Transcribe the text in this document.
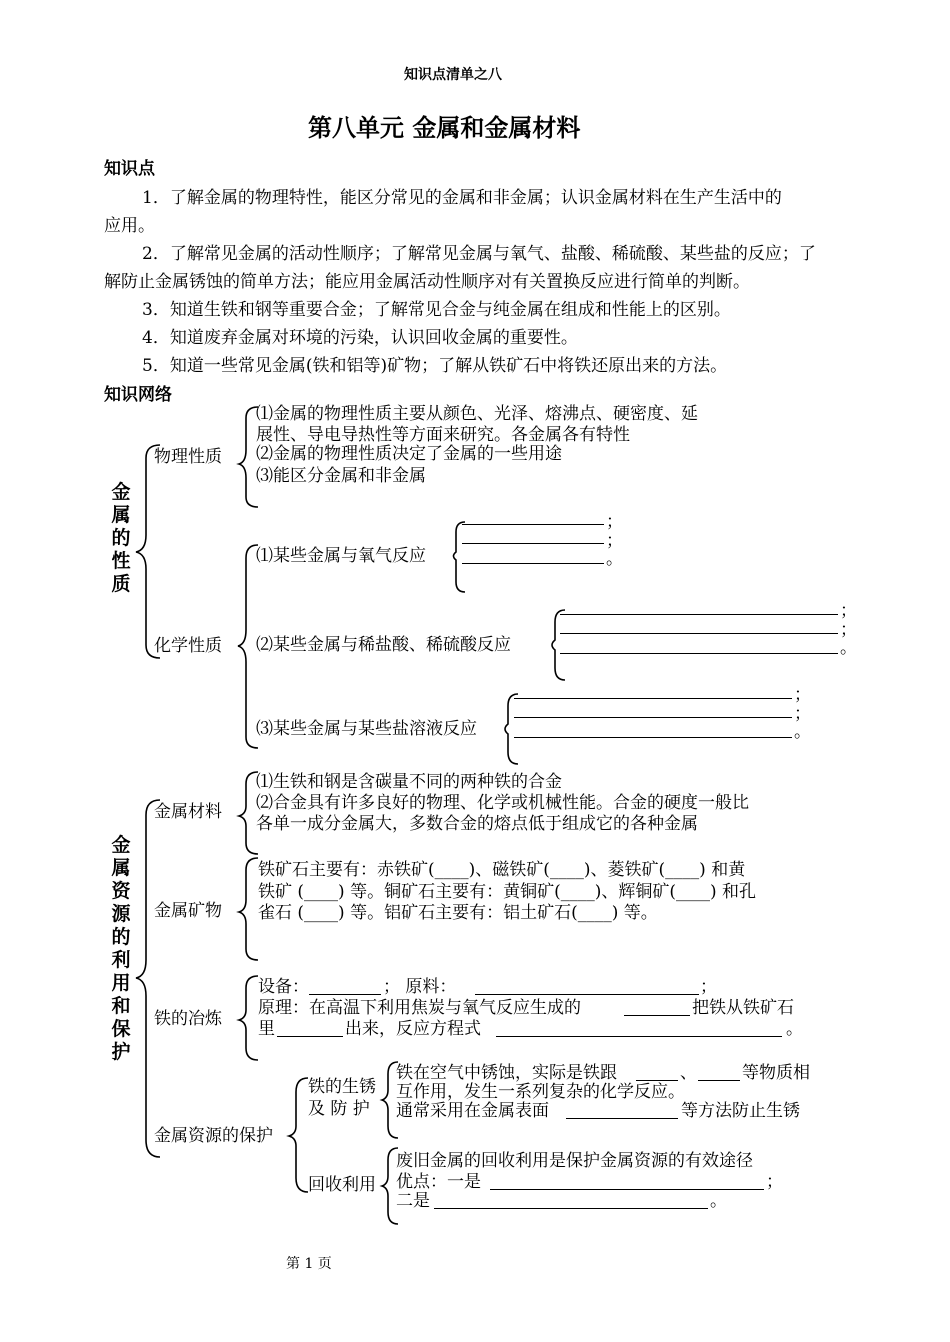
知识点清单之八
第八单元 金属和金属材料
知识点
1．了解金属的物理特性，能区分常见的金属和非金属；认识金属材料在生产生活中的
应用。
2．了解常见金属的活动性顺序；了解常见金属与氧气、盐酸、稀硫酸、某些盐的反应；了
解防止金属锈蚀的简单方法；能应用金属活动性顺序对有关置换反应进行简单的判断。
3．知道生铁和钢等重要合金；了解常见合金与纯金属在组成和性能上的区别。
4．知道废弃金属对环境的污染，认识回收金属的重要性。
5．知道一些常见金属(铁和铝等)矿物；了解从铁矿石中将铁还原出来的方法。
知识网络
金属的性质
物理性质
⑴金属的物理性质主要从颜色、光泽、熔沸点、硬密度、延
展性、导电导热性等方面来研究。各金属各有特性
⑵金属的物理性质决定了金属的一些用途
⑶能区分金属和非金属
化学性质
⑴某些金属与氧气反应
；
；
。
⑵某些金属与稀盐酸、稀硫酸反应
；
；
。
⑶某些金属与某些盐溶液反应
；
；
。
金属资源的利用和保护
金属材料
⑴生铁和钢是含碳量不同的两种铁的合金
⑵合金具有许多良好的物理、化学或机械性能。合金的硬度一般比
各单一成分金属大，多数合金的熔点低于组成它的各种金属
金属矿物
铁矿石主要有：赤铁矿(____)、磁铁矿(____)、菱铁矿(____) 和黄
铁矿 (____) 等。铜矿石主要有：黄铜矿(____)、辉铜矿(____) 和孔
雀石 (____) 等。铝矿石主要有：铝土矿石(____) 等。
铁的冶炼
设备：	； 原料：	；
原理：在高温下利用焦炭与氧气反应生成的	把铁从铁矿石
里	出来，反应方程式	。
金属资源的保护
铁的生锈
及 防 护
铁在空气中锈蚀，实际是铁跟	、	等物质相
互作用，发生一系列复杂的化学反应。
通常采用在金属表面	等方法防止生锈
回收利用
废旧金属的回收利用是保护金属资源的有效途径
优点：一是	；
二是	。
第 1 页
